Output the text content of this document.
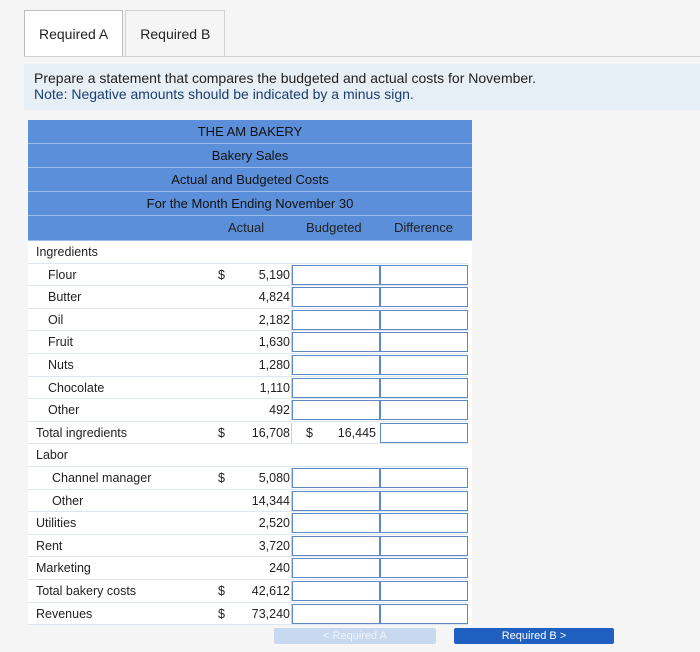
Required A	Required B
Prepare a statement that compares the budgeted and actual costs for November.
Note: Negative amounts should be indicated by a minus sign.
THE AM BAKERY
Bakery Sales
Actual and Budgeted Costs
For the Month Ending November 30
Actual	Budgeted Difference
Ingredients
Flour	$	5,190
Butter	4,824
Oil	2,182
Fruit	1,630
Nuts	1,280
Chocolate	1,110
Other	492
Total ingredients	$	16,708 $	16,445
Labor
Channel manager	$	5,080
Other	14,344
Utilities	2,520
Rent	3,720
Marketing	240
Total bakery costs	$	42,612
Revenues	$	73,240
< Required A	Required B >
